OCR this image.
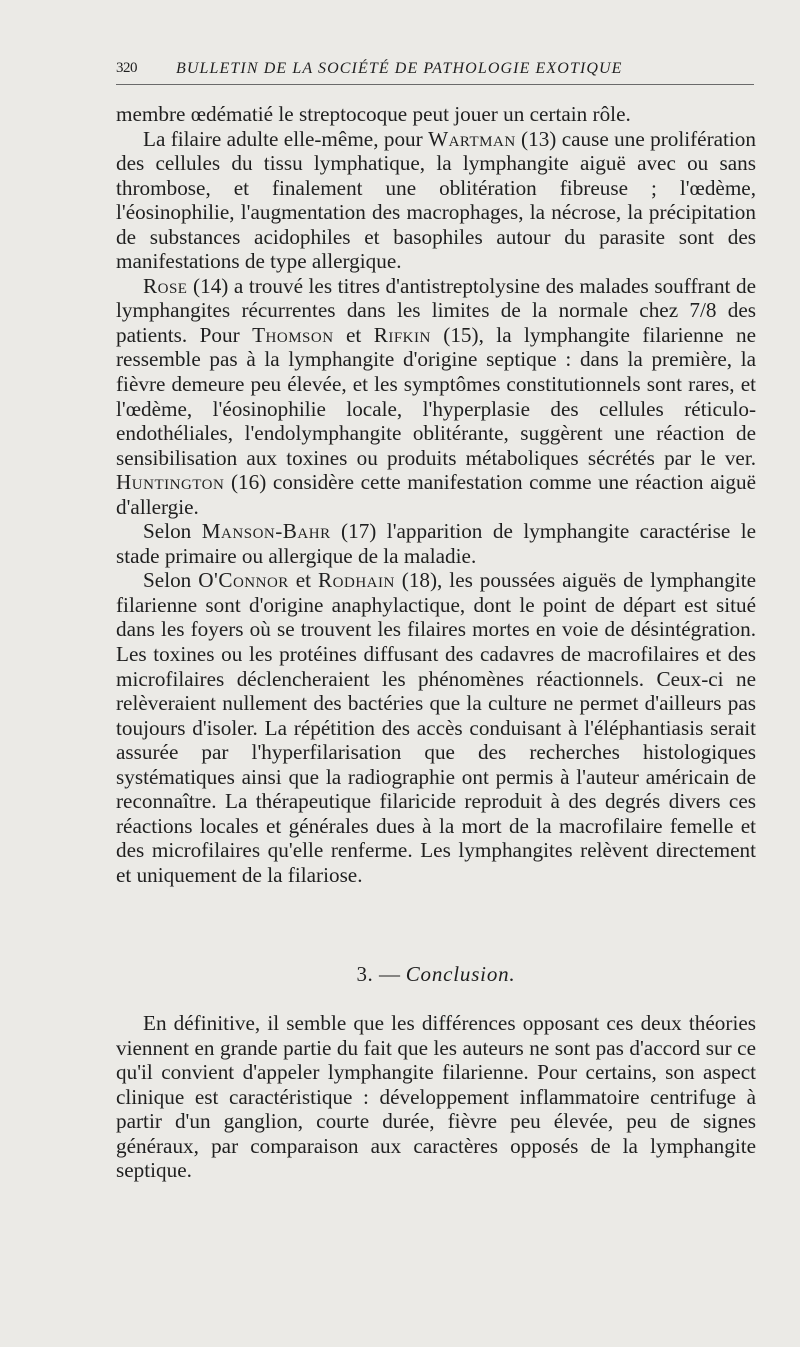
320 BULLETIN DE LA SOCIÉTÉ DE PATHOLOGIE EXOTIQUE

membre œdématié le streptocoque peut jouer un certain rôle.

La filaire adulte elle-même, pour Wartman (13) cause une prolifération des cellules du tissu lymphatique, la lymphangite aiguë avec ou sans thrombose, et finalement une oblitération fibreuse ; l'œdème, l'éosinophilie, l'augmentation des macrophages, la nécrose, la précipitation de substances acidophiles et basophiles autour du parasite sont des manifestations de type allergique.

Rose (14) a trouvé les titres d'antistreptolysine des malades souffrant de lymphangites récurrentes dans les limites de la normale chez 7/8 des patients. Pour Thomson et Rifkin (15), la lymphangite filarienne ne ressemble pas à la lymphangite d'origine septique : dans la première, la fièvre demeure peu élevée, et les symptômes constitutionnels sont rares, et l'œdème, l'éosinophilie locale, l'hyperplasie des cellules réticulo-endothéliales, l'endolymphangite oblitérante, suggèrent une réaction de sensibilisation aux toxines ou produits métaboliques sécrétés par le ver. Huntington (16) considère cette manifestation comme une réaction aiguë d'allergie.

Selon Manson-Bahr (17) l'apparition de lymphangite caractérise le stade primaire ou allergique de la maladie.

Selon O'Connor et Rodhain (18), les poussées aiguës de lymphangite filarienne sont d'origine anaphylactique, dont le point de départ est situé dans les foyers où se trouvent les filaires mortes en voie de désintégration. Les toxines ou les protéines diffusant des cadavres de macrofilaires et des microfilaires déclencheraient les phénomènes réactionnels. Ceux-ci ne relèveraient nullement des bactéries que la culture ne permet d'ailleurs pas toujours d'isoler. La répétition des accès conduisant à l'éléphantiasis serait assurée par l'hyperfilarisation que des recherches histologiques systématiques ainsi que la radiographie ont permis à l'auteur américain de reconnaître. La thérapeutique filaricide reproduit à des degrés divers ces réactions locales et générales dues à la mort de la macrofilaire femelle et des microfilaires qu'elle renferme. Les lymphangites relèvent directement et uniquement de la filariose.

3. — Conclusion.

En définitive, il semble que les différences opposant ces deux théories viennent en grande partie du fait que les auteurs ne sont pas d'accord sur ce qu'il convient d'appeler lymphangite filarienne. Pour certains, son aspect clinique est caractéristique : développement inflammatoire centrifuge à partir d'un ganglion, courte durée, fièvre peu élevée, peu de signes généraux, par comparaison aux caractères opposés de la lymphangite septique.
